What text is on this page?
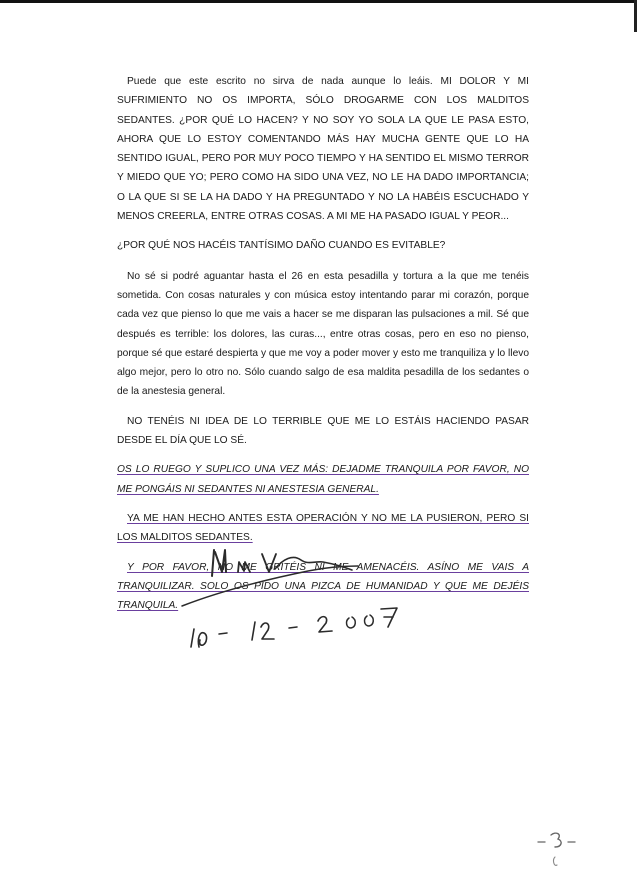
Puede que este escrito no sirva de nada aunque lo leáis. MI DOLOR Y MI SUFRIMIENTO NO OS IMPORTA, SÓLO DROGARME CON LOS MALDITOS SEDANTES. ¿POR QUÉ LO HACEN? Y NO SOY YO SOLA LA QUE LE PASA ESTO, AHORA QUE LO ESTOY COMENTANDO MÁS HAY MUCHA GENTE QUE LO HA SENTIDO IGUAL, PERO POR MUY POCO TIEMPO Y HA SENTIDO EL MISMO TERROR Y MIEDO QUE YO; PERO COMO HA SIDO UNA VEZ, NO LE HA DADO IMPORTANCIA; O LA QUE SI SE LA HA DADO Y HA PREGUNTADO Y NO LA HABÉIS ESCUCHADO Y MENOS CREERLA, ENTRE OTRAS COSAS. A MI ME HA PASADO IGUAL Y PEOR...

¿POR QUÉ NOS HACÉIS TANTÍSIMO DAÑO CUANDO ES EVITABLE?

No sé si podré aguantar hasta el 26 en esta pesadilla y tortura a la que me tenéis sometida. Con cosas naturales y con música estoy intentando parar mi corazón, porque cada vez que pienso lo que me vais a hacer se me disparan las pulsaciones a mil. Sé que después es terrible: los dolores, las curas..., entre otras cosas, pero en eso no pienso, porque sé que estaré despierta y que me voy a poder mover y esto me tranquiliza y lo llevo algo mejor, pero lo otro no. Sólo cuando salgo de esa maldita pesadilla de los sedantes o de la anestesia general.

NO TENÉIS NI IDEA DE LO TERRIBLE QUE ME LO ESTÁIS HACIENDO PASAR DESDE EL DÍA QUE LO SÉ.

OS LO RUEGO Y SUPLICO UNA VEZ MÁS: DEJADME TRANQUILA POR FAVOR, NO ME PONGÁIS NI SEDANTES NI ANESTESIA GENERAL.

YA ME HAN HECHO ANTES ESTA OPERACIÓN Y NO ME LA PUSIERON, PERO SI LOS MALDITOS SEDANTES.

Y POR FAVOR, NO ME GRITÉIS NI ME AMENACÉIS. ASÍNO ME VAIS A TRANQUILIZAR. SOLO OS PIDO UNA PIZCA DE HUMANIDAD Y QUE ME DEJÉIS TRANQUILA.
